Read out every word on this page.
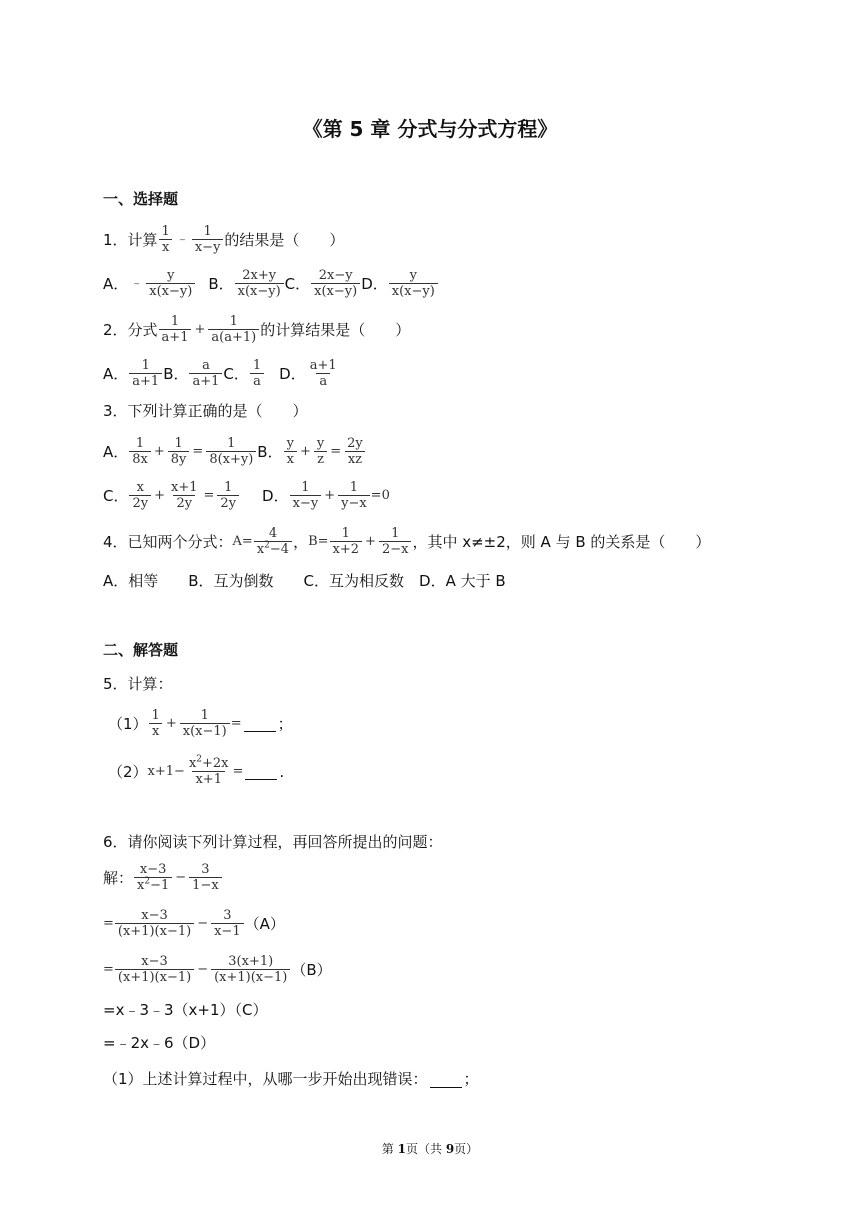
《第 5 章 分式与分式方程》
一、选择题
1．计算 $\frac{1}{x}$ ﹣ $\frac{1}{x-y}$ 的结果是（　　）
A． ﹣ $\frac{y}{x(x-y)}$ B． $\frac{2x+y}{x(x-y)}$ C． $\frac{2x-y}{x(x-y)}$ D． $\frac{y}{x(x-y)}$
2．分式 $\frac{1}{a+1} + \frac{1}{a(a+1)}$ 的计算结果是（　　）
A． $\frac{1}{a+1}$ B． $\frac{a}{a+1}$ C． $\frac{1}{a}$ D． $\frac{a+1}{a}$
3．下列计算正确的是（　　）
A． $\frac{1}{8x} + \frac{1}{8y} = \frac{1}{8(x+y)}$ B． $\frac{y}{x} + \frac{y}{z} = \frac{2y}{xz}$
C． $\frac{x}{2y} + \frac{x+1}{2y} = \frac{1}{2y}$ D． $\frac{1}{x-y} + \frac{1}{y-x} =0$
4．已知两个分式： $A= \frac{4}{x^2-4}$ ， $B= \frac{1}{x+2} + \frac{1}{2-x}$ ，其中 x≠±2，则 A 与 B 的关系是（　　）
A．相等　　B．互为倒数　　C．互为相反数　D．A 大于 B
二、解答题
5．计算：
$(1) \frac{1}{x} + \frac{1}{x(x-1)}$ = ；
（2） $x+1- \frac{x^2+2x}{x+1}$ = .
6．请你阅读下列计算过程，再回答所提出的问题：
解： $\frac{x-3}{x^2-1} - \frac{3}{1-x}$
= $\frac{x-3}{(x+1)(x-1)} - \frac{3}{x-1} (A)$
= $\frac{x-3}{(x+1)(x-1)} - \frac{3(x+1)}{(x+1)(x-1)} (B)$
=x﹣3﹣3（x+1）（C）
=﹣2x﹣6（D）
（1）上述计算过程中，从哪一步开始出现错误： ；
第 1页（共 9页）
